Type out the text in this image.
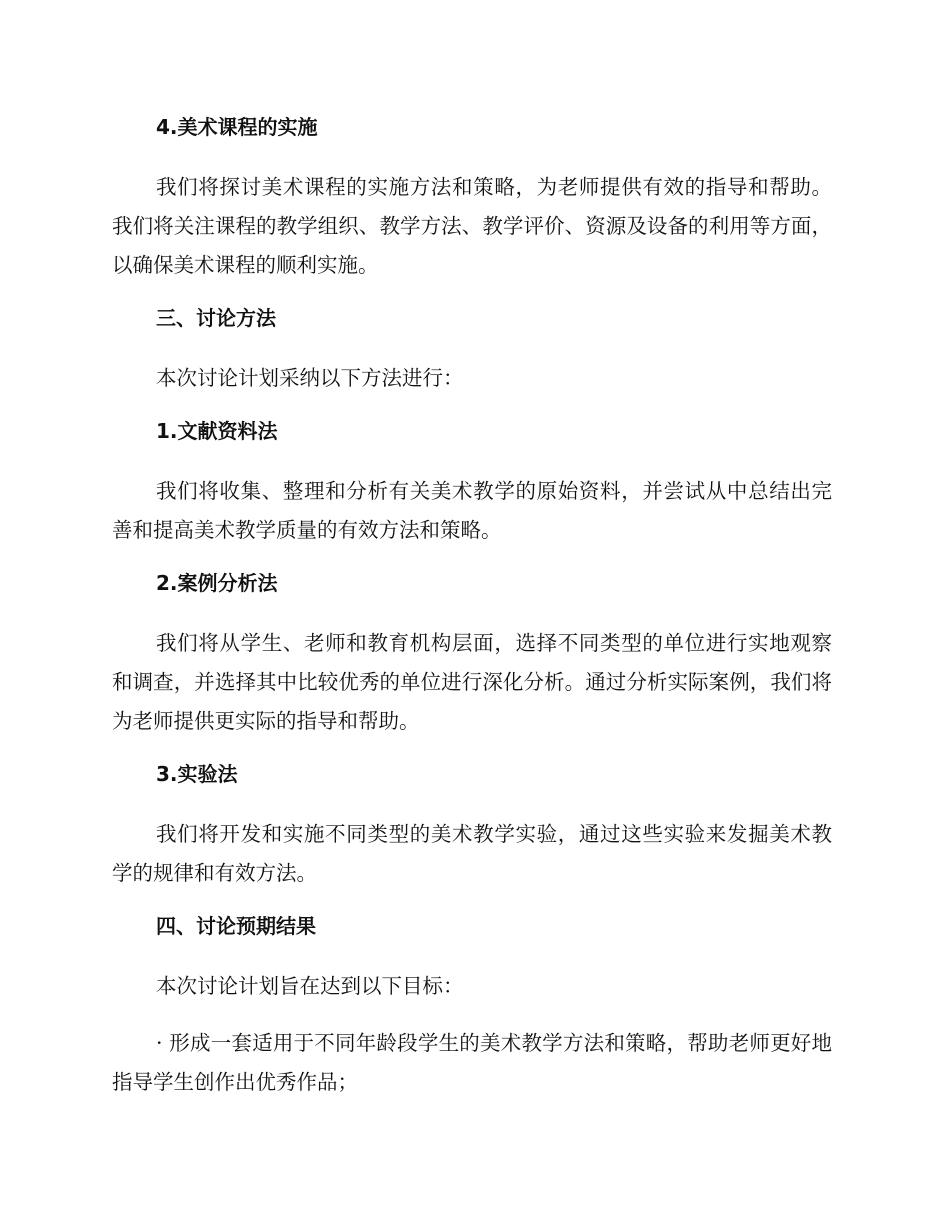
4.美术课程的实施

我们将探讨美术课程的实施方法和策略，为老师提供有效的指导和帮助。我们将关注课程的教学组织、教学方法、教学评价、资源及设备的利用等方面，以确保美术课程的顺利实施。

三、讨论方法

本次讨论计划采纳以下方法进行：

1.文献资料法

我们将收集、整理和分析有关美术教学的原始资料，并尝试从中总结出完善和提高美术教学质量的有效方法和策略。

2.案例分析法

我们将从学生、老师和教育机构层面，选择不同类型的单位进行实地观察和调查，并选择其中比较优秀的单位进行深化分析。通过分析实际案例，我们将为老师提供更实际的指导和帮助。

3.实验法

我们将开发和实施不同类型的美术教学实验，通过这些实验来发掘美术教学的规律和有效方法。

四、讨论预期结果

本次讨论计划旨在达到以下目标：

· 形成一套适用于不同年龄段学生的美术教学方法和策略，帮助老师更好地指导学生创作出优秀作品；
